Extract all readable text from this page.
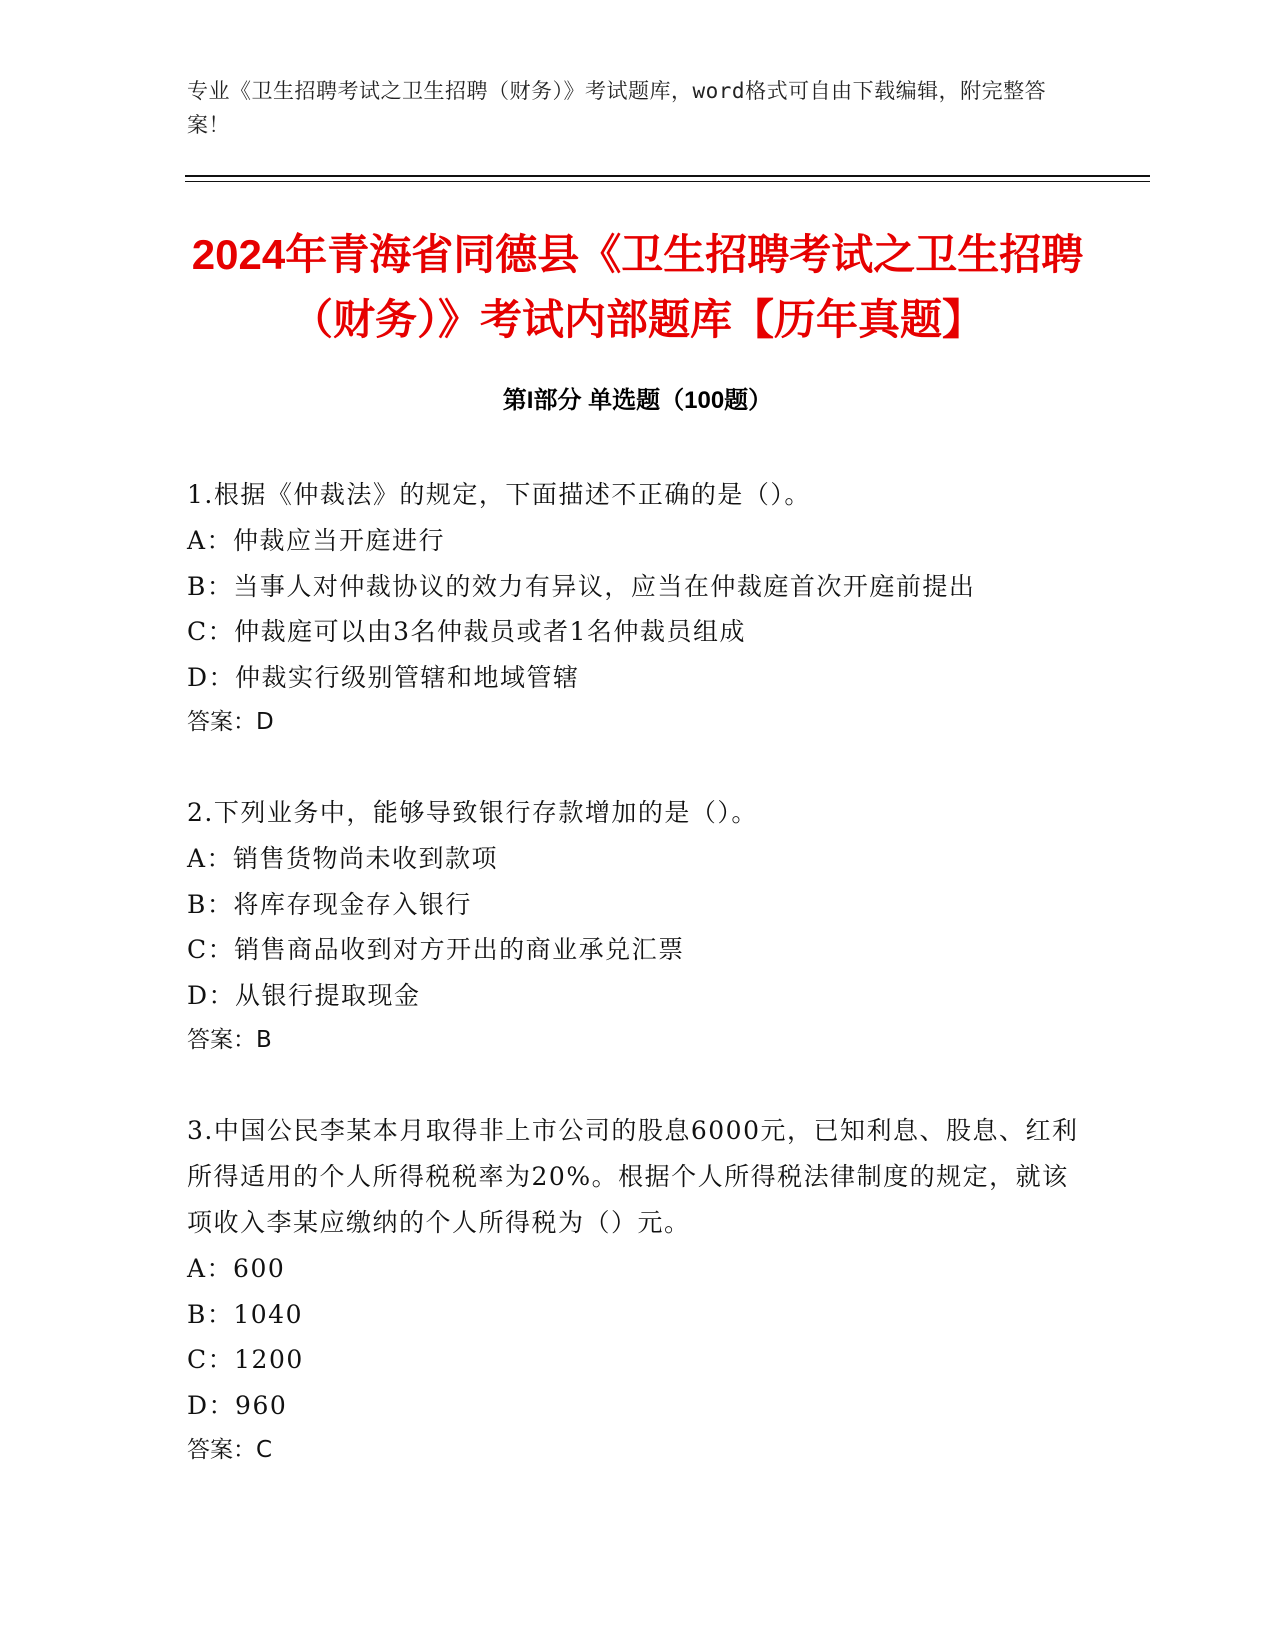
专业《卫生招聘考试之卫生招聘（财务）》考试题库，word格式可自由下载编辑，附完整答案！

2024年青海省同德县《卫生招聘考试之卫生招聘（财务）》考试内部题库【历年真题】
第I部分 单选题（100题）

1.根据《仲裁法》的规定，下面描述不正确的是（）。

A：仲裁应当开庭进行

B：当事人对仲裁协议的效力有异议，应当在仲裁庭首次开庭前提出

C：仲裁庭可以由3名仲裁员或者1名仲裁员组成

D：仲裁实行级别管辖和地域管辖

答案：D

2.下列业务中，能够导致银行存款增加的是（）。

A：销售货物尚未收到款项

B：将库存现金存入银行

C：销售商品收到对方开出的商业承兑汇票

D：从银行提取现金

答案：B

3.中国公民李某本月取得非上市公司的股息6000元，已知利息、股息、红利所得适用的个人所得税税率为20%。根据个人所得税法律制度的规定，就该项收入李某应缴纳的个人所得税为（）元。

A：600

B：1040

C：1200

D：960

答案：C
